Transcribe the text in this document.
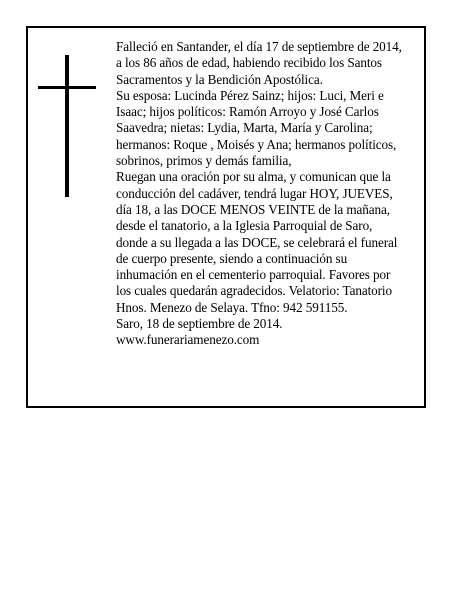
Falleció en Santander, el día 17 de septiembre de 2014,
a los 86 años de edad, habiendo recibido los Santos
Sacramentos y la Bendición Apostólica.
Su esposa: Lucinda Pérez Sainz; hijos: Luci, Meri e
Isaac; hijos políticos: Ramón Arroyo y José Carlos
Saavedra; nietas: Lydia, Marta, María y Carolina;
hermanos: Roque , Moisés y Ana; hermanos políticos,
sobrinos, primos y demás familia,
Ruegan una oración por su alma, y comunican que la
conducción del cadáver, tendrá lugar HOY, JUEVES,
día 18, a las DOCE MENOS VEINTE de la mañana,
desde el tanatorio, a la Iglesia Parroquial de Saro,
donde a su llegada a las DOCE, se celebrará el funeral
de cuerpo presente, siendo a continuación su
inhumación en el cementerio parroquial. Favores por
los cuales quedarán agradecidos. Velatorio: Tanatorio
Hnos. Menezo de Selaya. Tfno: 942 591155.
Saro, 18 de septiembre de 2014.
www.funerariamenezo.com
